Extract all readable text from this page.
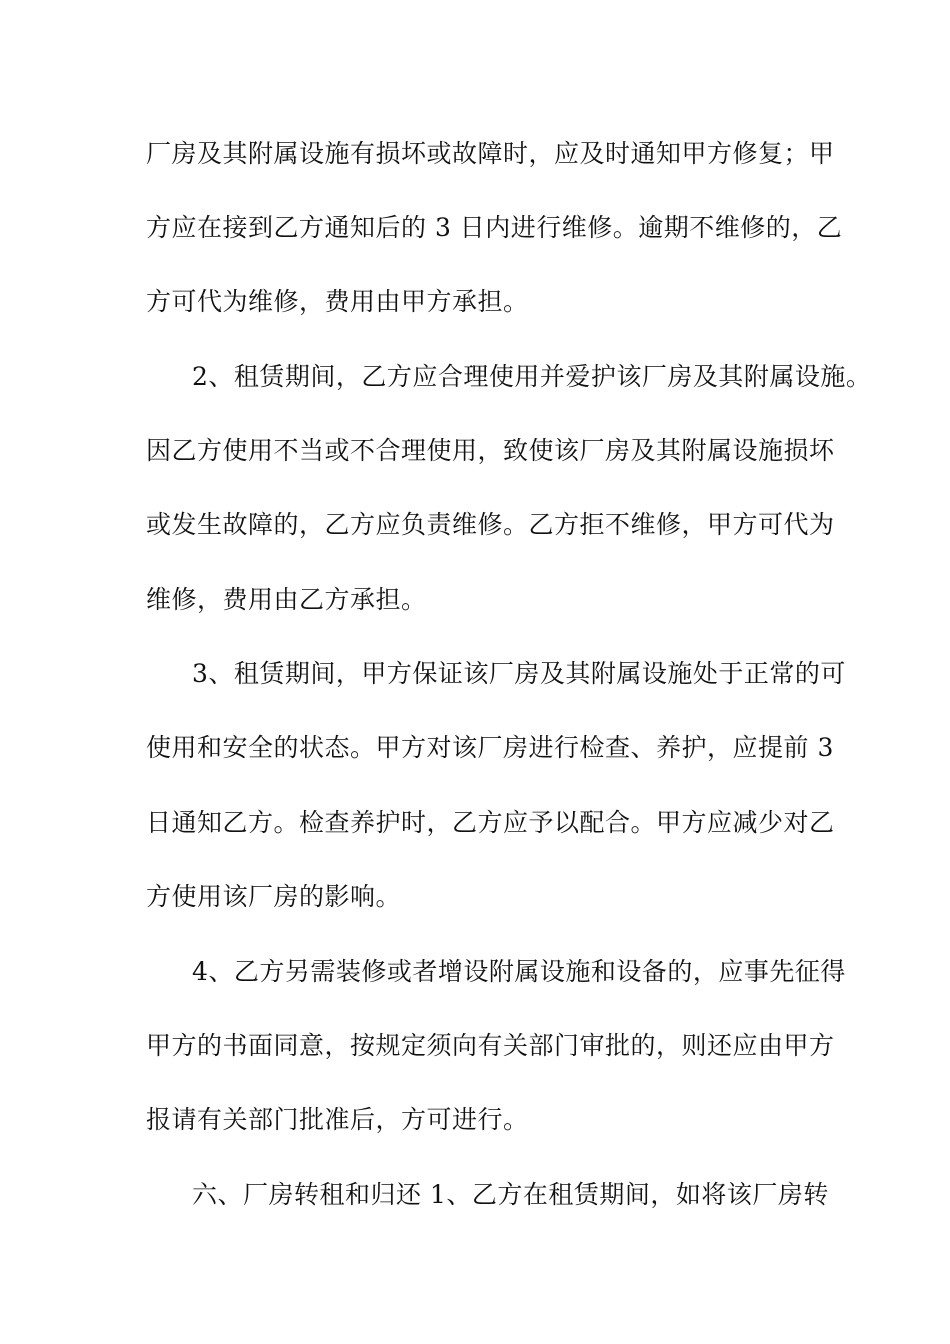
厂房及其附属设施有损坏或故障时，应及时通知甲方修复；甲
方应在接到乙方通知后的 3 日内进行维修。逾期不维修的，乙
方可代为维修，费用由甲方承担。
2、租赁期间，乙方应合理使用并爱护该厂房及其附属设施。
因乙方使用不当或不合理使用，致使该厂房及其附属设施损坏
或发生故障的，乙方应负责维修。乙方拒不维修，甲方可代为
维修，费用由乙方承担。
3、租赁期间，甲方保证该厂房及其附属设施处于正常的可
使用和安全的状态。甲方对该厂房进行检查、养护，应提前 3
日通知乙方。检查养护时，乙方应予以配合。甲方应减少对乙
方使用该厂房的影响。
4、乙方另需装修或者增设附属设施和设备的，应事先征得
甲方的书面同意，按规定须向有关部门审批的，则还应由甲方
报请有关部门批准后，方可进行。
六、厂房转租和归还 1、乙方在租赁期间，如将该厂房转
